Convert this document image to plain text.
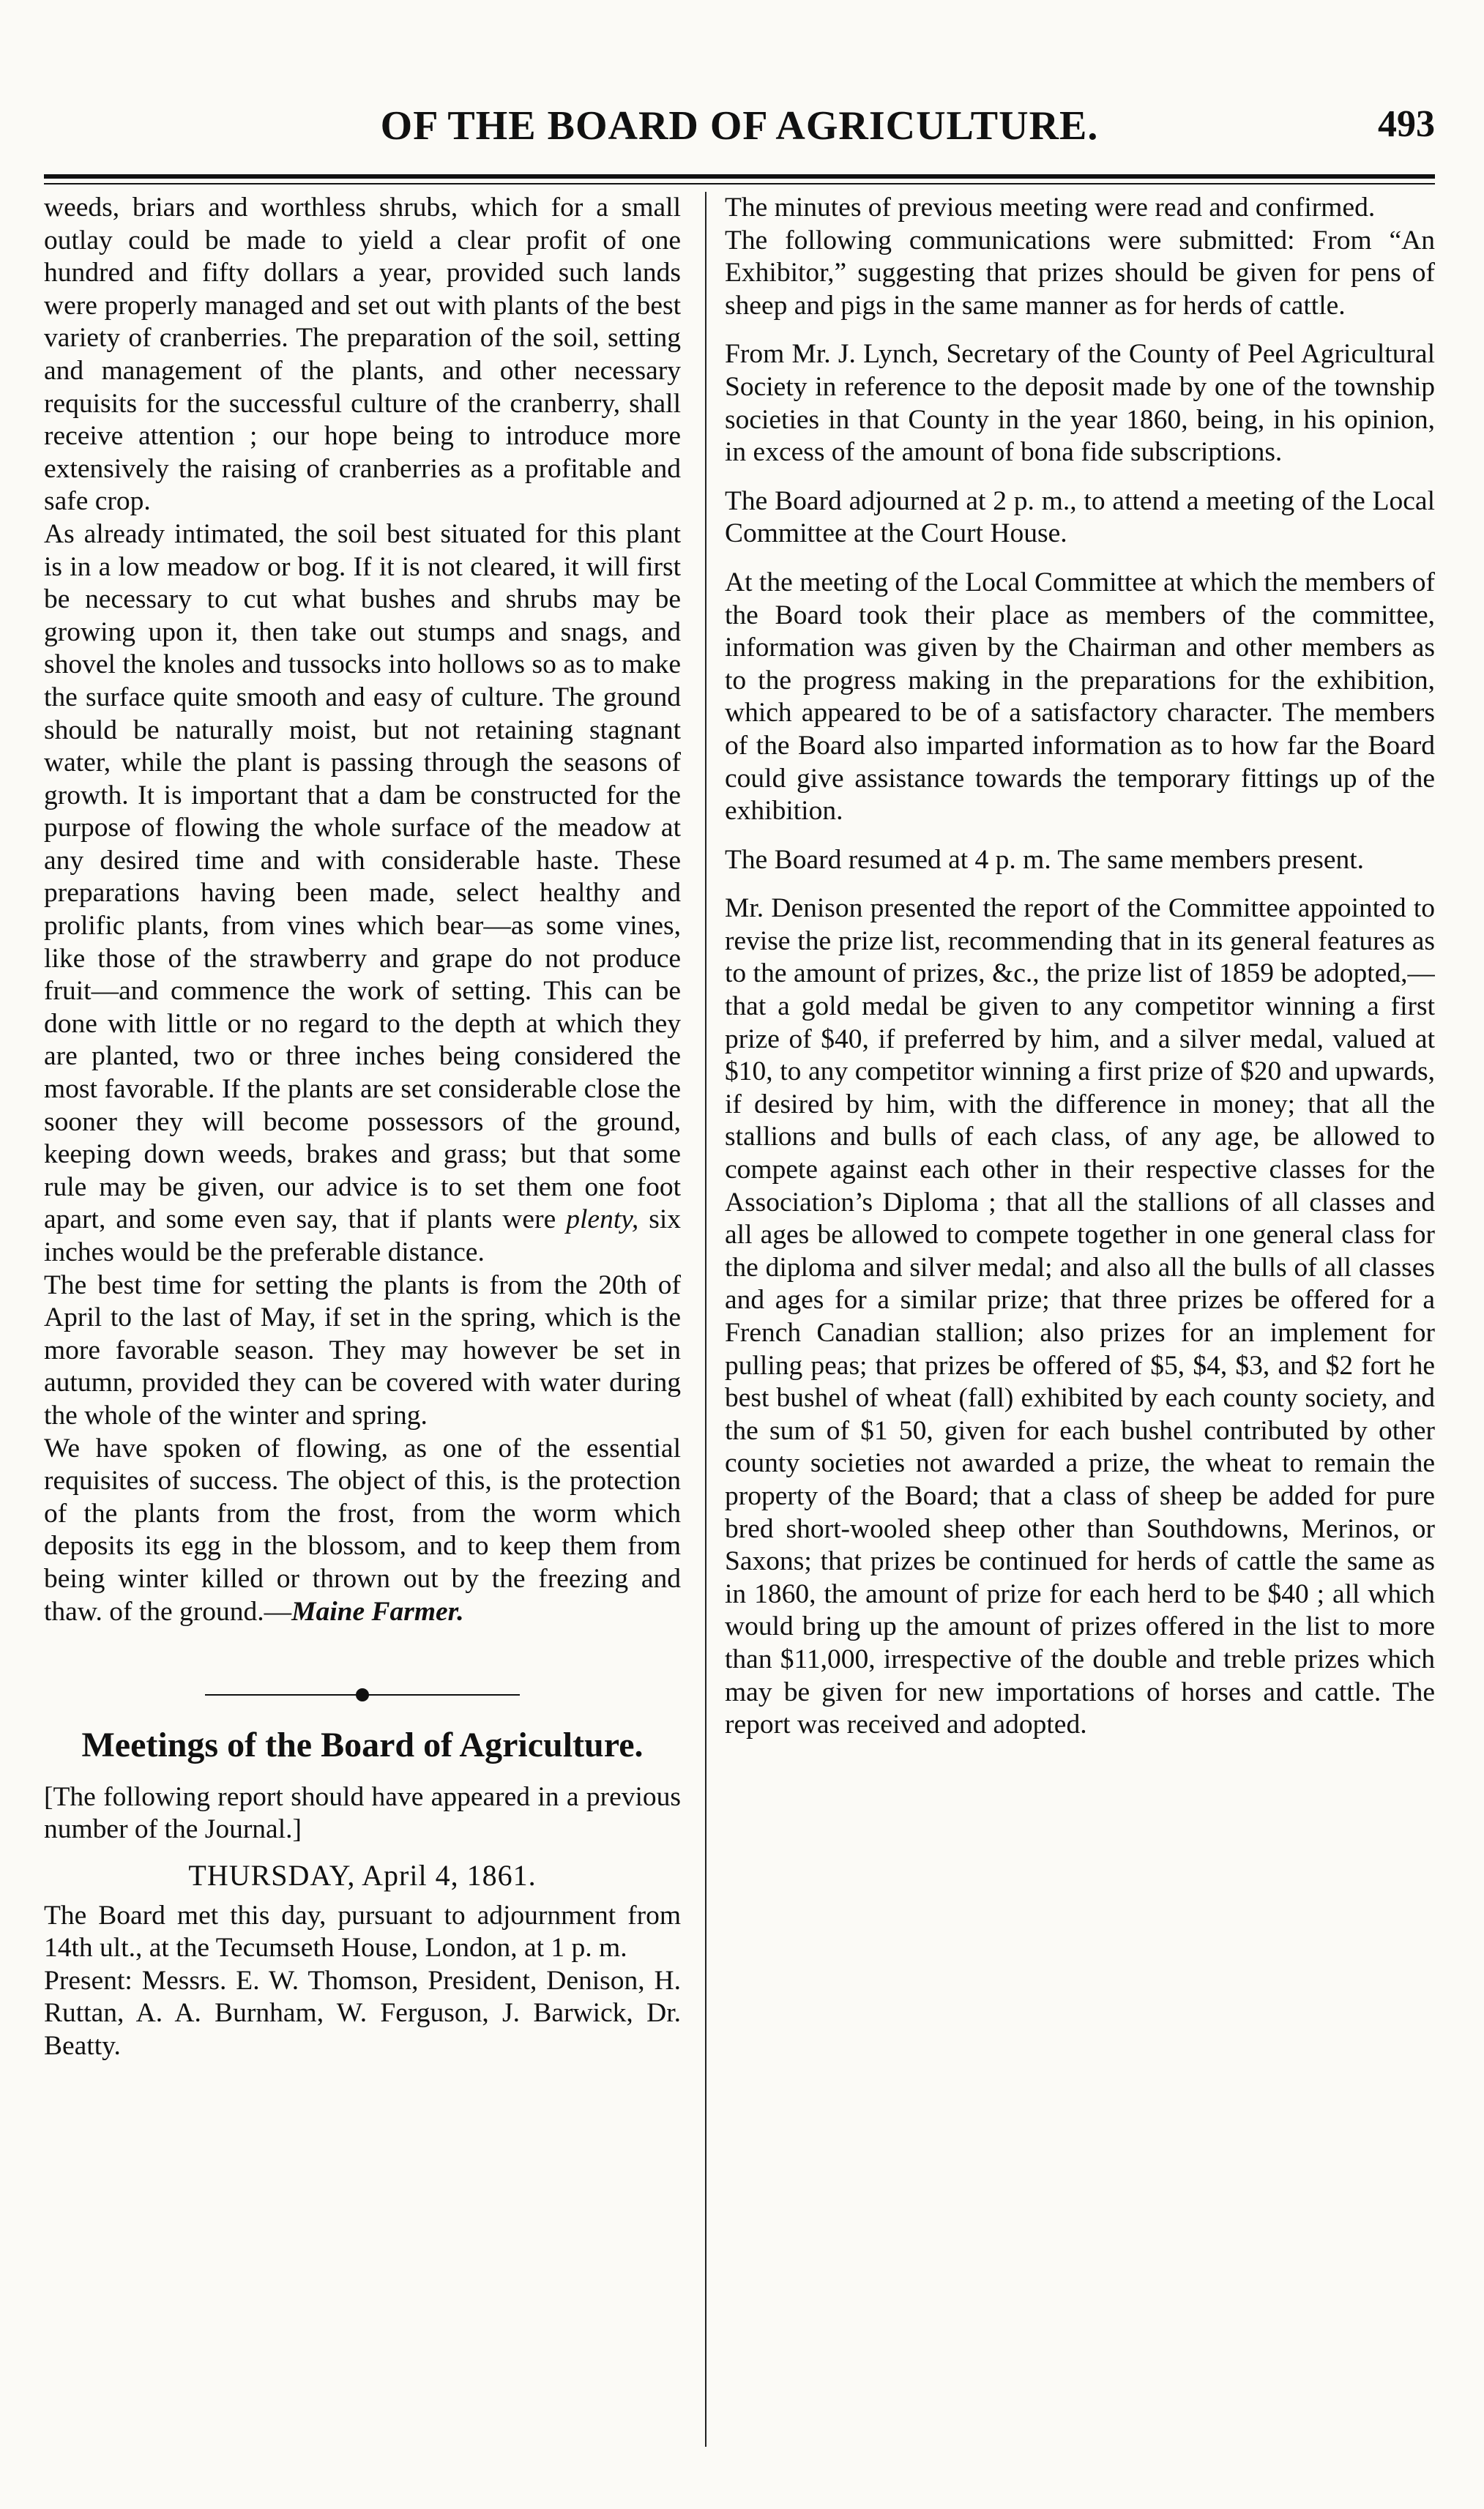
OF THE BOARD OF AGRICULTURE.	493

weeds, briars and worthless shrubs, which for a small outlay could be made to yield a clear profit of one hundred and fifty dollars a year, provided such lands were properly managed and set out with plants of the best variety of cranberries. The preparation of the soil, setting and management of the plants, and other necessary requisits for the successful culture of the cranberry, shall receive attention ; our hope being to introduce more extensively the raising of cranberries as a profitable and safe crop.

As already intimated, the soil best situated for this plant is in a low meadow or bog. If it is not cleared, it will first be necessary to cut what bushes and shrubs may be growing upon it, then take out stumps and snags, and shovel the knoles and tussocks into hollows so as to make the surface quite smooth and easy of culture. The ground should be naturally moist, but not retaining stagnant water, while the plant is passing through the seasons of growth. It is important that a dam be constructed for the purpose of flowing the whole surface of the meadow at any desired time and with considerable haste. These preparations having been made, select healthy and prolific plants, from vines which bear—as some vines, like those of the strawberry and grape do not produce fruit—and commence the work of setting. This can be done with little or no regard to the depth at which they are planted, two or three inches being considered the most favorable. If the plants are set considerable close the sooner they will become possessors of the ground, keeping down weeds, brakes and grass; but that some rule may be given, our advice is to set them one foot apart, and some even say, that if plants were plenty, six inches would be the preferable distance.

The best time for setting the plants is from the 20th of April to the last of May, if set in the spring, which is the more favorable season. They may however be set in autumn, provided they can be covered with water during the whole of the winter and spring.

We have spoken of flowing, as one of the essential requisites of success. The object of this, is the protection of the plants from the frost, from the worm which deposits its egg in the blossom, and to keep them from being winter killed or thrown out by the freezing and thaw. of the ground.—Maine Farmer.

Meetings of the Board of Agriculture.

[The following report should have appeared in a previous number of the Journal.]

THURSDAY, April 4, 1861.

The Board met this day, pursuant to adjournment from 14th ult., at the Tecumseth House, London, at 1 p. m.

Present: Messrs. E. W. Thomson, President, Denison, H. Ruttan, A. A. Burnham, W. Ferguson, J. Barwick, Dr. Beatty.

The minutes of previous meeting were read and confirmed.

The following communications were submitted: From “An Exhibitor,” suggesting that prizes should be given for pens of sheep and pigs in the same manner as for herds of cattle.

From Mr. J. Lynch, Secretary of the County of Peel Agricultural Society in reference to the deposit made by one of the township societies in that County in the year 1860, being, in his opinion, in excess of the amount of bona fide subscriptions.

The Board adjourned at 2 p. m., to attend a meeting of the Local Committee at the Court House.

At the meeting of the Local Committee at which the members of the Board took their place as members of the committee, information was given by the Chairman and other members as to the progress making in the preparations for the exhibition, which appeared to be of a satisfactory character. The members of the Board also imparted information as to how far the Board could give assistance towards the temporary fittings up of the exhibition.

The Board resumed at 4 p. m. The same members present.

Mr. Denison presented the report of the Committee appointed to revise the prize list, recommending that in its general features as to the amount of prizes, &c., the prize list of 1859 be adopted,—that a gold medal be given to any competitor winning a first prize of $40, if preferred by him, and a silver medal, valued at $10, to any competitor winning a first prize of $20 and upwards, if desired by him, with the difference in money; that all the stallions and bulls of each class, of any age, be allowed to compete against each other in their respective classes for the Association’s Diploma ; that all the stallions of all classes and all ages be allowed to compete together in one general class for the diploma and silver medal; and also all the bulls of all classes and ages for a similar prize; that three prizes be offered for a French Canadian stallion; also prizes for an implement for pulling peas; that prizes be offered of $5, $4, $3, and $2 fort he best bushel of wheat (fall) exhibited by each county society, and the sum of $1 50, given for each bushel contributed by other county societies not awarded a prize, the wheat to remain the property of the Board; that a class of sheep be added for pure bred short-wooled sheep other than Southdowns, Merinos, or Saxons; that prizes be continued for herds of cattle the same as in 1860, the amount of prize for each herd to be $40 ; all which would bring up the amount of prizes offered in the list to more than $11,000, irrespective of the double and treble prizes which may be given for new importations of horses and cattle. The report was received and adopted.
